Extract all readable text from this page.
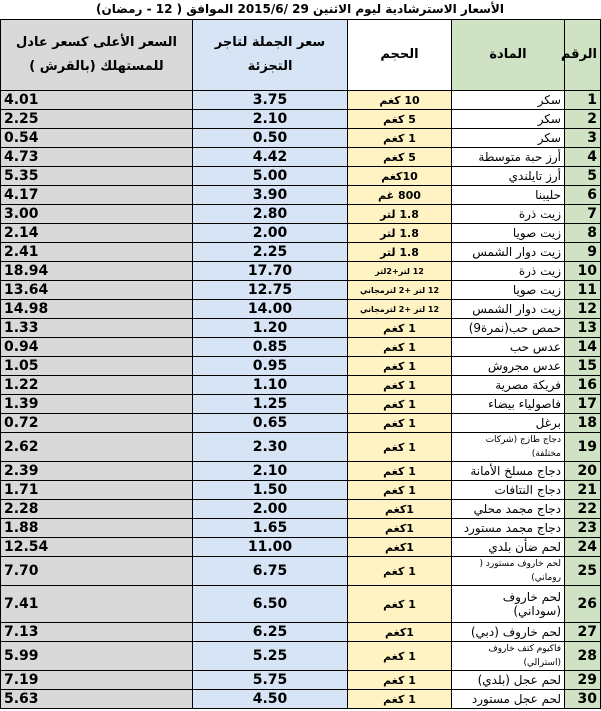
الأسعار الاسترشادية ليوم الاثنين 29 /2015/6 الموافق ( 12 - رمضان)
الرقم	المادة	الحجم	سعر الجملة لتاجر التجزئة	السعر الأعلى كسعر عادل للمستهلك (بالقرش )
1	سكر	10 كغم	3.75	4.01
2	سكر	5 كغم	2.10	2.25
3	سكر	1 كغم	0.50	0.54
4	أرز حبة متوسطة	5 كغم	4.42	4.73
5	أرز تايلندي	10كغم	5.00	5.35
6	حليبنا	800 غم	3.90	4.17
7	زيت ذرة	1.8 لتر	2.80	3.00
8	زيت صويا	1.8 لتر	2.00	2.14
9	زيت دوار الشمس	1.8 لتر	2.25	2.41
10	زيت ذرة	12 لتر+2لتر	17.70	18.94
11	زيت صويا	12 لتر +2 لترمجاني	12.75	13.64
12	زيت دوار الشمس	12 لتر +2 لترمجاني	14.00	14.98
13	حمص حب(نمرة9)	1 كغم	1.20	1.33
14	عدس حب	1 كغم	0.85	0.94
15	عدس مجروش	1 كغم	0.95	1.05
16	فريكة مصرية	1 كغم	1.10	1.22
17	فاصولياء بيضاء	1 كغم	1.25	1.39
18	برغل	1 كغم	0.65	0.72
19	دجاج طازج (شركات مختلفة)	1 كغم	2.30	2.62
20	دجاج مسلخ الأمانة	1 كغم	2.10	2.39
21	دجاج النتافات	1 كغم	1.50	1.71
22	دجاج مجمد محلي	1كغم	2.00	2.28
23	دجاج مجمد مستورد	1كغم	1.65	1.88
24	لحم ضأن بلدي	1كغم	11.00	12.54
25	لحم خاروف مستورد ( روماني)	1 كغم	6.75	7.70
26	لحم خاروف (سوداني)	1 كغم	6.50	7.41
27	لحم خاروف (دبي)	1كغم	6.25	7.13
28	فاكيوم كتف خاروف (استرالي)	1 كغم	5.25	5.99
29	لحم عجل (بلدي)	1 كغم	5.75	7.19
30	لحم عجل مستورد	1 كغم	4.50	5.63
